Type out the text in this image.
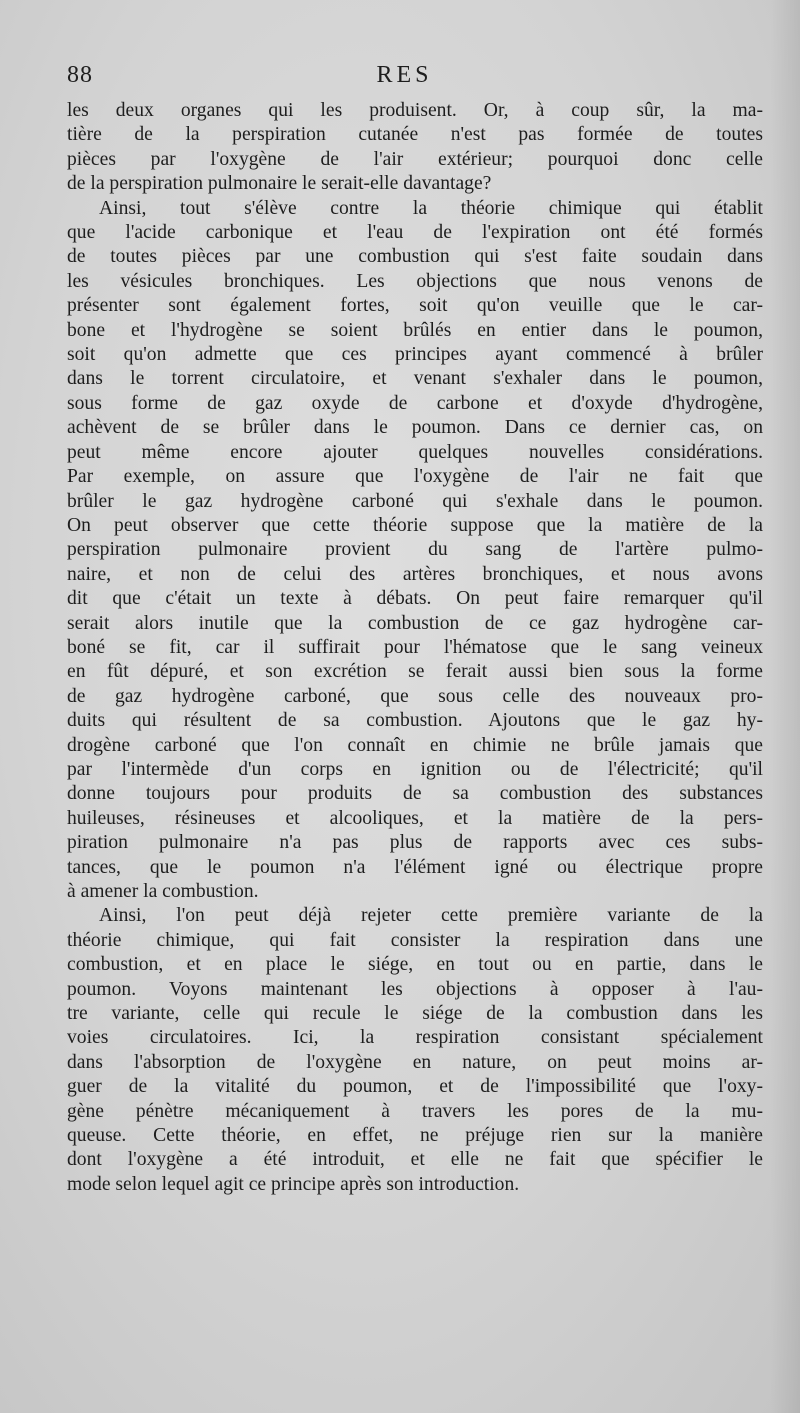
88	RES

les deux organes qui les produisent. Or, à coup sûr, la ma-
tière de la perspiration cutanée n'est pas formée de toutes
pièces par l'oxygène de l'air extérieur; pourquoi donc celle
de la perspiration pulmonaire le serait-elle davantage?

Ainsi, tout s'élève contre la théorie chimique qui établit
que l'acide carbonique et l'eau de l'expiration ont été formés
de toutes pièces par une combustion qui s'est faite soudain dans
les vésicules bronchiques. Les objections que nous venons de
présenter sont également fortes, soit qu'on veuille que le car-
bone et l'hydrogène se soient brûlés en entier dans le poumon,
soit qu'on admette que ces principes ayant commencé à brûler
dans le torrent circulatoire, et venant s'exhaler dans le poumon,
sous forme de gaz oxyde de carbone et d'oxyde d'hydrogène,
achèvent de se brûler dans le poumon. Dans ce dernier cas, on
peut même encore ajouter quelques nouvelles considérations.
Par exemple, on assure que l'oxygène de l'air ne fait que
brûler le gaz hydrogène carboné qui s'exhale dans le poumon.
On peut observer que cette théorie suppose que la matière de la
perspiration pulmonaire provient du sang de l'artère pulmo-
naire, et non de celui des artères bronchiques, et nous avons
dit que c'était un texte à débats. On peut faire remarquer qu'il
serait alors inutile que la combustion de ce gaz hydrogène car-
boné se fit, car il suffirait pour l'hématose que le sang veineux
en fût dépuré, et son excrétion se ferait aussi bien sous la forme
de gaz hydrogène carboné, que sous celle des nouveaux pro-
duits qui résultent de sa combustion. Ajoutons que le gaz hy-
drogène carboné que l'on connaît en chimie ne brûle jamais que
par l'intermède d'un corps en ignition ou de l'électricité; qu'il
donne toujours pour produits de sa combustion des substances
huileuses, résineuses et alcooliques, et la matière de la pers-
piration pulmonaire n'a pas plus de rapports avec ces subs-
tances, que le poumon n'a l'élément igné ou électrique propre
à amener la combustion.

Ainsi, l'on peut déjà rejeter cette première variante de la
théorie chimique, qui fait consister la respiration dans une
combustion, et en place le siége, en tout ou en partie, dans le
poumon. Voyons maintenant les objections à opposer à l'au-
tre variante, celle qui recule le siége de la combustion dans les
voies circulatoires. Ici, la respiration consistant spécialement
dans l'absorption de l'oxygène en nature, on peut moins ar-
guer de la vitalité du poumon, et de l'impossibilité que l'oxy-
gène pénètre mécaniquement à travers les pores de la mu-
queuse. Cette théorie, en effet, ne préjuge rien sur la manière
dont l'oxygène a été introduit, et elle ne fait que spécifier le
mode selon lequel agit ce principe après son introduction.
